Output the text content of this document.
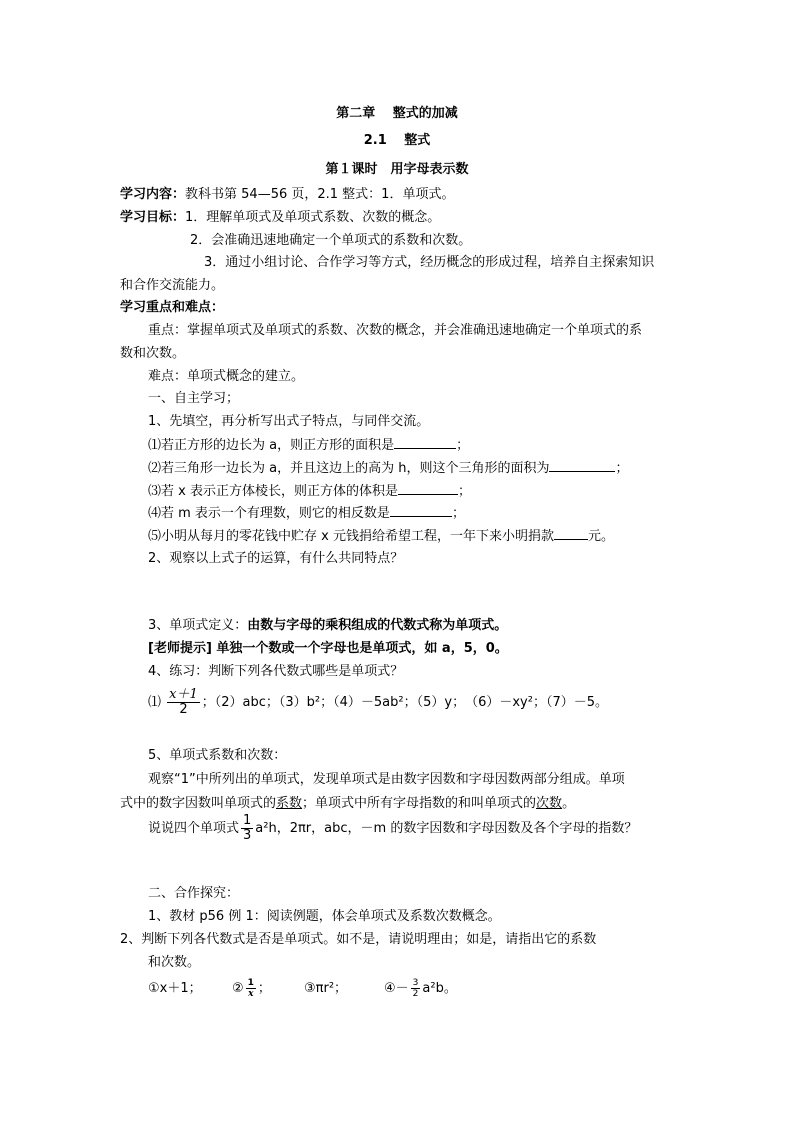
第二章　 整式的加减
2.1　 整式
第１课时　用字母表示数
学习内容：教科书第 54—56 页，2.1 整式：1．单项式。
学习目标：1．理解单项式及单项式系数、次数的概念。
2．会准确迅速地确定一个单项式的系数和次数。
3．通过小组讨论、合作学习等方式，经历概念的形成过程，培养自主探索知识
和合作交流能力。
学习重点和难点：
重点：掌握单项式及单项式的系数、次数的概念，并会准确迅速地确定一个单项式的系
数和次数。
难点：单项式概念的建立。
一、自主学习；
1、先填空，再分析写出式子特点，与同伴交流。
⑴若正方形的边长为 a，则正方形的面积是	；
⑵若三角形一边长为 a，并且这边上的高为 h，则这个三角形的面积为	；
⑶若 x 表示正方体棱长，则正方体的体积是	；
⑷若 m 表示一个有理数，则它的相反数是	；
⑸小明从每月的零花钱中贮存 x 元钱捐给希望工程，一年下来小明捐款	元。
2、观察以上式子的运算，有什么共同特点？
3、单项式定义：由数与字母的乘积组成的代数式称为单项式。
[老师提示] 单独一个数或一个字母也是单项式，如 a，5，0。
4、练习：判断下列各代数式哪些是单项式？
⑴ $\frac{x+1}{2}$ ；（2）abc；（3）b²；（4）－5ab²；（5）y；　（6）－xy²；（7）－5。
5、单项式系数和次数：
观察“1”中所列出的单项式，发现单项式是由数字因数和字母因数两部分组成。单项
式中的数字因数叫单项式的系数；单项式中所有字母指数的和叫单项式的次数。
说说四个单项式 $\frac{1}{3} a^2h$，2πr，abc，－m 的数字因数和字母因数及各个字母的指数？
二、合作探究：
1、教材 p56 例 1：阅读例题，体会单项式及系数次数概念。
2、判断下列各代数式是否是单项式。如不是，请说明理由；如是，请指出它的系数
和次数。
①x＋1； ② $\frac{1}{x}$ ；	③πr²；	④－ $\frac{3}{2} a^2b$。
